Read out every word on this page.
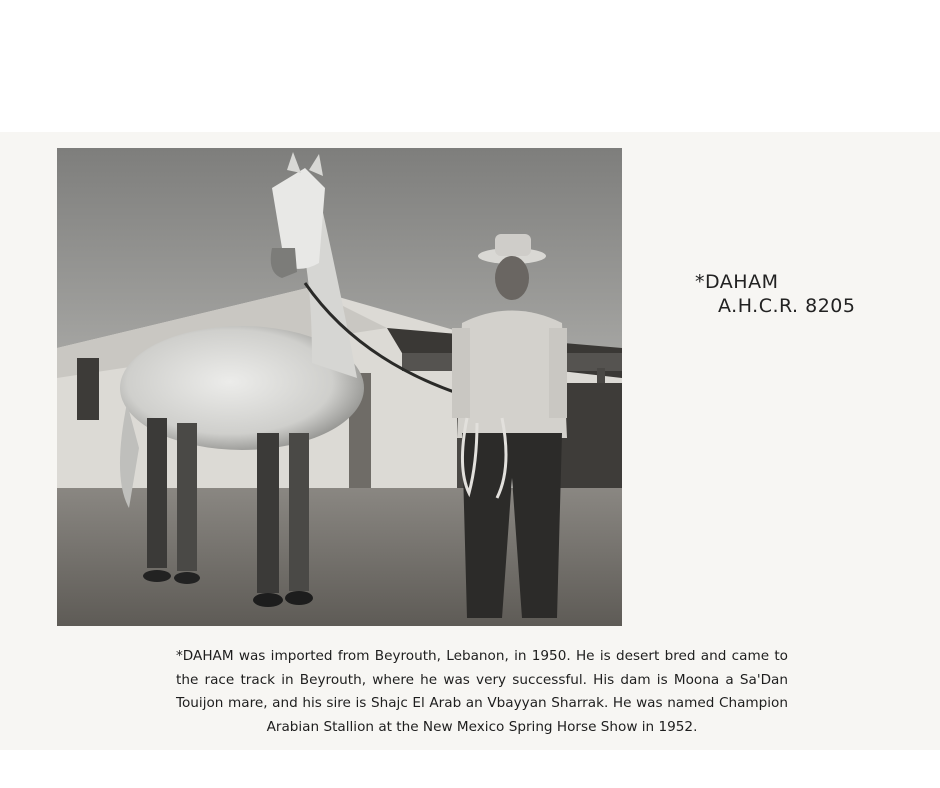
*DAHAM
A.H.C.R. 8205
*DAHAM was imported from Beyrouth, Lebanon, in 1950. He is desert bred and came to the race track in Beyrouth, where he was very successful. His dam is Moona a Sa'Dan Touijon mare, and his sire is Shajc El Arab an Vbayyan Sharrak. He was named Champion Arabian Stallion at the New Mexico Spring Horse Show in 1952.
